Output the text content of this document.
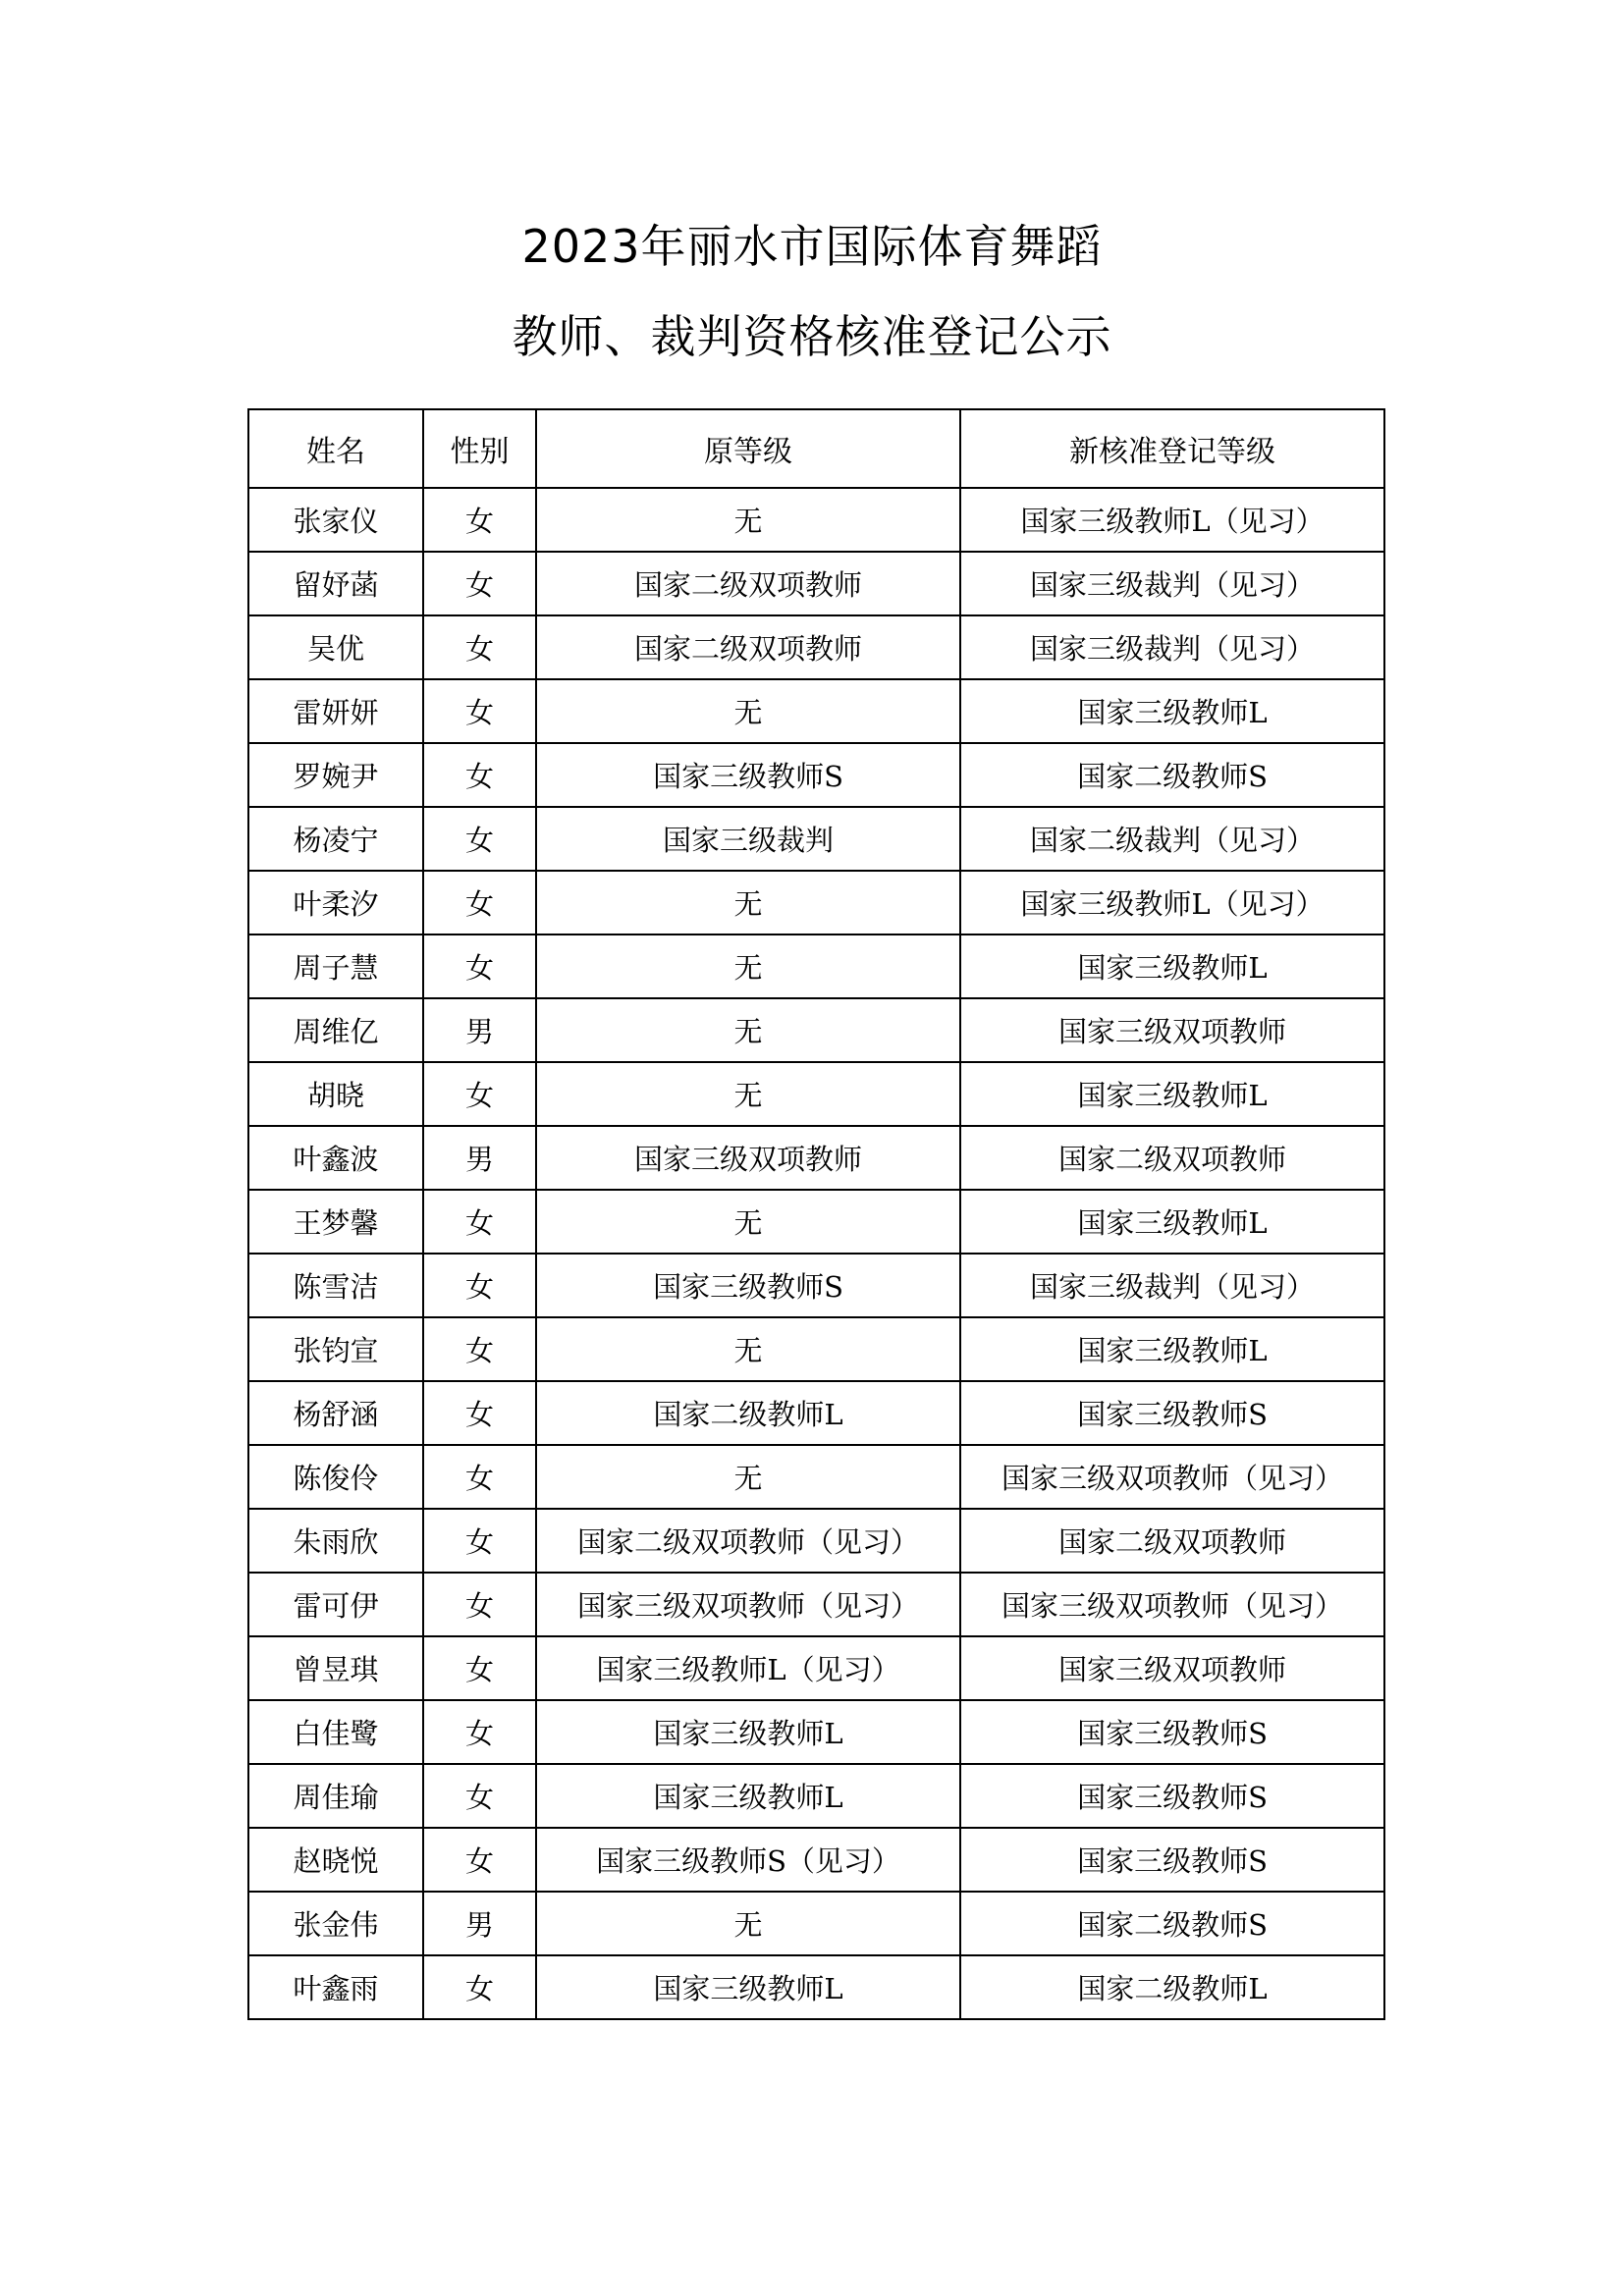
2023年丽水市国际体育舞蹈
教师、裁判资格核准登记公示
姓名	性别	原等级	新核准登记等级
张家仪	女	无	国家三级教师L（见习）
留妤菡	女	国家二级双项教师	国家三级裁判（见习）
吴优	女	国家二级双项教师	国家三级裁判（见习）
雷妍妍	女	无	国家三级教师L
罗婉尹	女	国家三级教师S	国家二级教师S
杨凌宁	女	国家三级裁判	国家二级裁判（见习）
叶柔汐	女	无	国家三级教师L（见习）
周子慧	女	无	国家三级教师L
周维亿	男	无	国家三级双项教师
胡晓	女	无	国家三级教师L
叶鑫波	男	国家三级双项教师	国家二级双项教师
王梦馨	女	无	国家三级教师L
陈雪洁	女	国家三级教师S	国家三级裁判（见习）
张钧宣	女	无	国家三级教师L
杨舒涵	女	国家二级教师L	国家三级教师S
陈俊伶	女	无	国家三级双项教师（见习）
朱雨欣	女	国家二级双项教师（见习）	国家二级双项教师
雷可伊	女	国家三级双项教师（见习）	国家三级双项教师（见习）
曾昱琪	女	国家三级教师L（见习）	国家三级双项教师
白佳鹭	女	国家三级教师L	国家三级教师S
周佳瑜	女	国家三级教师L	国家三级教师S
赵晓悦	女	国家三级教师S（见习）	国家三级教师S
张金伟	男	无	国家二级教师S
叶鑫雨	女	国家三级教师L	国家二级教师L
